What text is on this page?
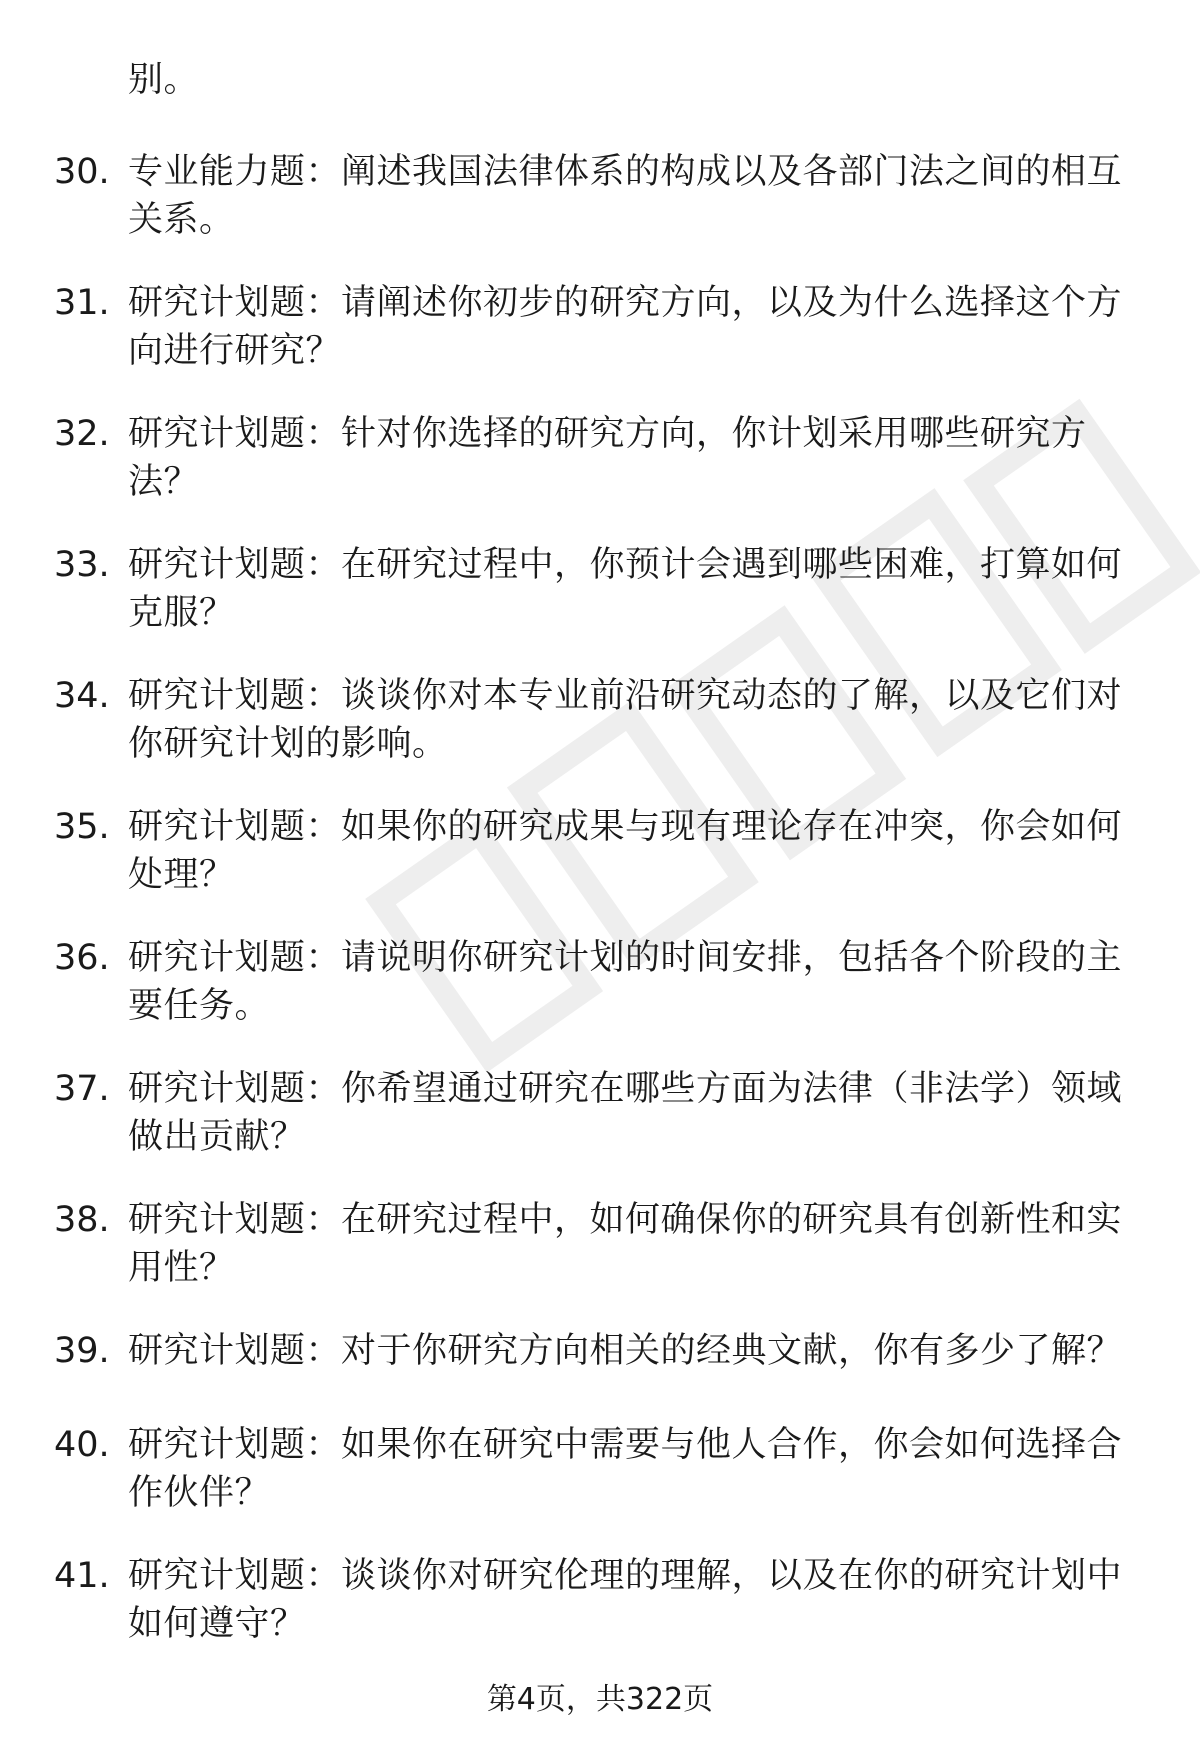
别。
30. 专业能力题：阐述我国法律体系的构成以及各部门法之间的相互关系。
31. 研究计划题：请阐述你初步的研究方向，以及为什么选择这个方向进行研究？
32. 研究计划题：针对你选择的研究方向，你计划采用哪些研究方法？
33. 研究计划题：在研究过程中，你预计会遇到哪些困难，打算如何克服？
34. 研究计划题：谈谈你对本专业前沿研究动态的了解，以及它们对你研究计划的影响。
35. 研究计划题：如果你的研究成果与现有理论存在冲突，你会如何处理？
36. 研究计划题：请说明你研究计划的时间安排，包括各个阶段的主要任务。
37. 研究计划题：你希望通过研究在哪些方面为法律（非法学）领域做出贡献？
38. 研究计划题：在研究过程中，如何确保你的研究具有创新性和实用性？
39. 研究计划题：对于你研究方向相关的经典文献，你有多少了解？
40. 研究计划题：如果你在研究中需要与他人合作，你会如何选择合作伙伴？
41. 研究计划题：谈谈你对研究伦理的理解，以及在你的研究计划中如何遵守？
第4页，共322页
